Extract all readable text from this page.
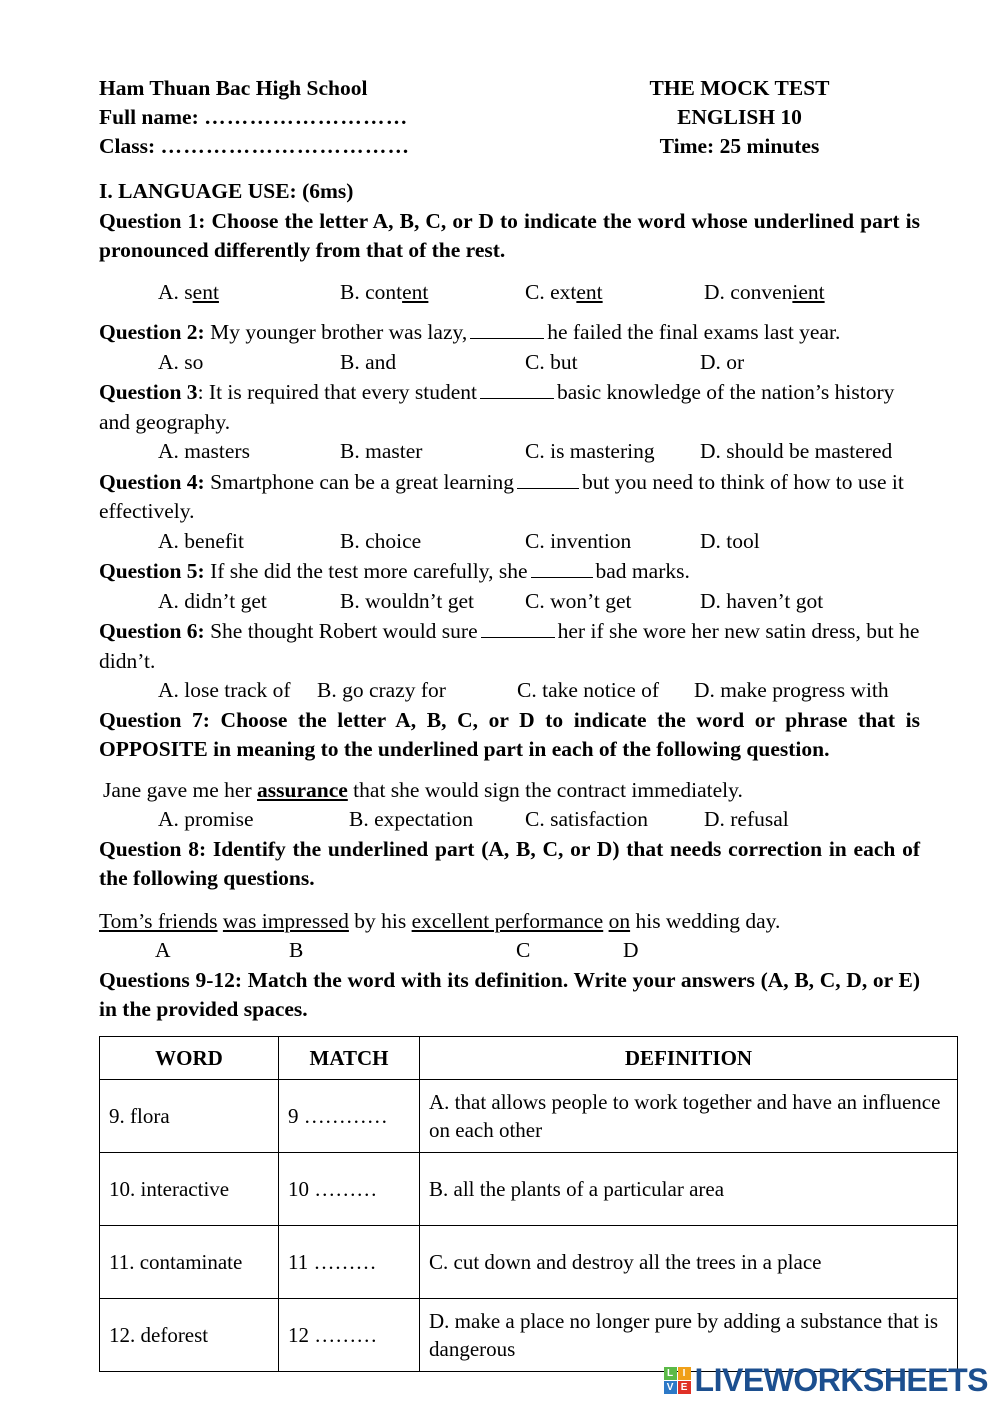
Ham Thuan Bac High School
Full name: ………………………
Class: ……………………………
THE MOCK TEST
ENGLISH 10
Time: 25 minutes
I. LANGUAGE USE: (6ms)
Question 1: Choose the letter A, B, C, or D to indicate the word whose underlined part is pronounced differently from that of the rest.
A. sent	B. content	C. extent	D. convenient
Question 2: My younger brother was lazy,	he failed the final exams last year.
A. so	B. and	C. but	D. or
Question 3: It is required that every student	basic knowledge of the nation’s history and geography.
A. masters	B. master	C. is mastering D. should be mastered
Question 4: Smartphone can be a great learning	but you need to think of how to use it effectively.
A. benefit	B. choice	C. invention	D. tool
Question 5: If she did the test more carefully, she	bad marks.
A. didn’t get	B. wouldn’t get C. won’t get	D. haven’t got
Question 6: She thought Robert would sure	her if she wore her new satin dress, but he didn’t.
A. lose track of B. go crazy for	C. take notice of D. make progress with
Question 7: Choose the letter A, B, C, or D to indicate the word or phrase that is OPPOSITE in meaning to the underlined part in each of the following question.
Jane gave me her assurance that she would sign the contract immediately.
A. promise	B. expectation C. satisfaction	D. refusal
Question 8: Identify the underlined part (A, B, C, or D) that needs correction in each of the following questions.
Tom’s friends was impressed by his excellent performance on his wedding day.
A	B	C	D
Questions 9-12: Match the word with its definition. Write your answers (A, B, C, D, or E) in the provided spaces.
WORD	MATCH	DEFINITION
9. flora	9 …………	A. that allows people to work together and have an influence on each other
10. interactive	10 ………	B. all the plants of a particular area
11. contaminate	11 ………	C. cut down and destroy all the trees in a place
12. deforest	12 ………	D. make a place no longer pure by adding a substance that is dangerous
L I
V E LIVEWORKSHEETS
